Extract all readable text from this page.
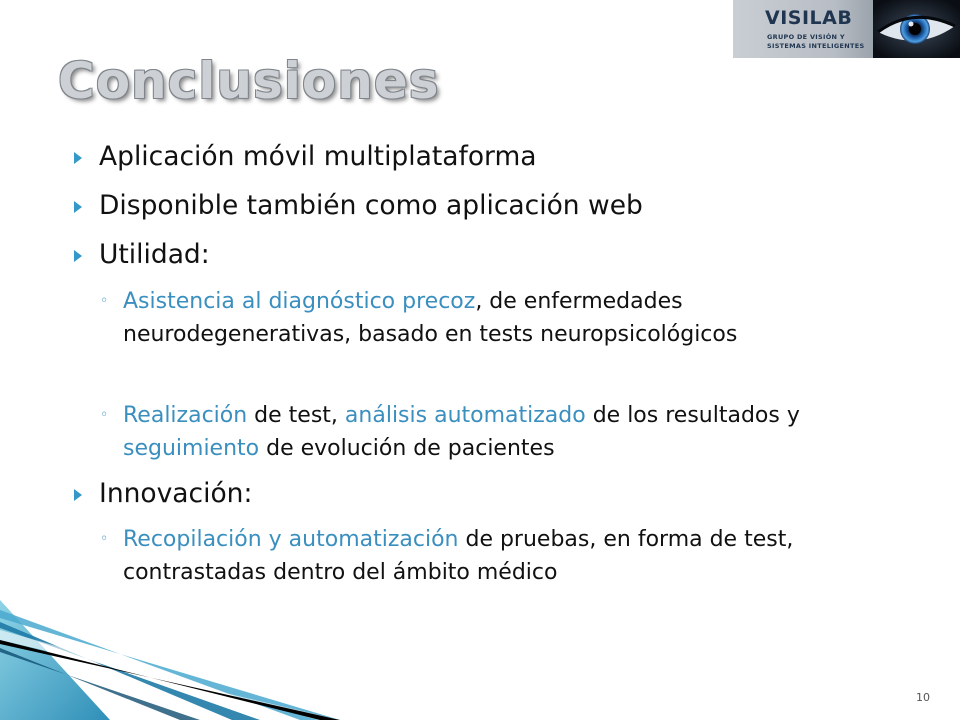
VISILAB
GRUPO DE VISIÓN Y
SISTEMAS INTELIGENTES
Conclusiones
Aplicación móvil multiplataforma
Disponible también como aplicación web
Utilidad:
◦ Asistencia al diagnóstico precoz, de enfermedades neurodegenerativas, basado en tests neuropsicológicos
◦ Realización de test, análisis automatizado de los resultados y seguimiento de evolución de pacientes
Innovación:
◦ Recopilación y automatización de pruebas, en forma de test, contrastadas dentro del ámbito médico
10
